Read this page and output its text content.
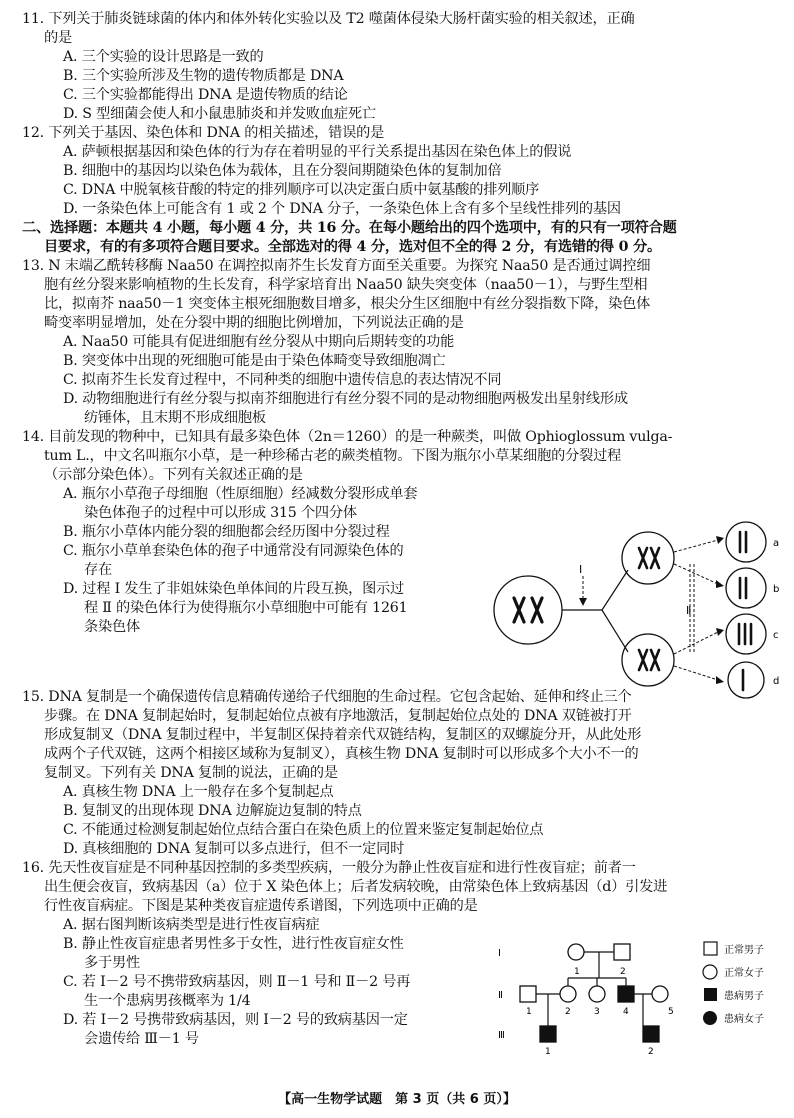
11. 下列关于肺炎链球菌的体内和体外转化实验以及 T2 噬菌体侵染大肠杆菌实验的相关叙述，正确
的是
A. 三个实验的设计思路是一致的
B. 三个实验所涉及生物的遗传物质都是 DNA
C. 三个实验都能得出 DNA 是遗传物质的结论
D. S 型细菌会使人和小鼠患肺炎和并发败血症死亡
12. 下列关于基因、染色体和 DNA 的相关描述，错误的是
A. 萨顿根据基因和染色体的行为存在着明显的平行关系提出基因在染色体上的假说
B. 细胞中的基因均以染色体为载体，且在分裂间期随染色体的复制加倍
C. DNA 中脱氧核苷酸的特定的排列顺序可以决定蛋白质中氨基酸的排列顺序
D. 一条染色体上可能含有 1 或 2 个 DNA 分子，一条染色体上含有多个呈线性排列的基因
二、选择题：本题共 4 小题，每小题 4 分，共 16 分。在每小题给出的四个选项中，有的只有一项符合题
目要求，有的有多项符合题目要求。全部选对的得 4 分，选对但不全的得 2 分，有选错的得 0 分。
13. N 末端乙酰转移酶 Naa50 在调控拟南芥生长发育方面至关重要。为探究 Naa50 是否通过调控细
胞有丝分裂来影响植物的生长发育，科学家培育出 Naa50 缺失突变体（naa50－1），与野生型相
比，拟南芥 naa50－1 突变体主根死细胞数目增多，根尖分生区细胞中有丝分裂指数下降，染色体
畸变率明显增加，处在分裂中期的细胞比例增加，下列说法正确的是
A. Naa50 可能具有促进细胞有丝分裂从中期向后期转变的功能
B. 突变体中出现的死细胞可能是由于染色体畸变导致细胞凋亡
C. 拟南芥生长发育过程中，不同种类的细胞中遗传信息的表达情况不同
D. 动物细胞进行有丝分裂与拟南芥细胞进行有丝分裂不同的是动物细胞两极发出星射线形成
纺锤体，且末期不形成细胞板
14. 目前发现的物种中，已知具有最多染色体（2n＝1260）的是一种蕨类，叫做 Ophioglossum vulga-
tum L.，中文名叫瓶尔小草，是一种珍稀古老的蕨类植物。下图为瓶尔小草某细胞的分裂过程
（示部分染色体）。下列有关叙述正确的是
A. 瓶尔小草孢子母细胞（性原细胞）经减数分裂形成单套
染色体孢子的过程中可以形成 315 个四分体
B. 瓶尔小草体内能分裂的细胞都会经历图中分裂过程
C. 瓶尔小草单套染色体的孢子中通常没有同源染色体的
存在
D. 过程 Ⅰ 发生了非姐妹染色单体间的片段互换，图示过
程 Ⅱ 的染色体行为使得瓶尔小草细胞中可能有 1261
条染色体
Ⅰ
Ⅱ
a
b
c
d
15. DNA 复制是一个确保遗传信息精确传递给子代细胞的生命过程。它包含起始、延伸和终止三个
步骤。在 DNA 复制起始时，复制起始位点被有序地激活，复制起始位点处的 DNA 双链被打开
形成复制叉（DNA 复制过程中，半复制区保持着亲代双链结构，复制区的双螺旋分开，从此处形
成两个子代双链，这两个相接区域称为复制叉），真核生物 DNA 复制时可以形成多个大小不一的
复制叉。下列有关 DNA 复制的说法，正确的是
A. 真核生物 DNA 上一般存在多个复制起点
B. 复制叉的出现体现 DNA 边解旋边复制的特点
C. 不能通过检测复制起始位点结合蛋白在染色质上的位置来鉴定复制起始位点
D. 真核细胞的 DNA 复制可以多点进行，但不一定同时
16. 先天性夜盲症是不同种基因控制的多类型疾病，一般分为静止性夜盲症和进行性夜盲症；前者一
出生便会夜盲，致病基因（a）位于 X 染色体上；后者发病较晚，由常染色体上致病基因（d）引发进
行性夜盲病症。下图是某种类夜盲症遗传系谱图，下列选项中正确的是
A. 据右图判断该病类型是进行性夜盲病症
B. 静止性夜盲症患者男性多于女性，进行性夜盲症女性
多于男性
C. 若 Ⅰ－2 号不携带致病基因，则 Ⅱ－1 号和 Ⅱ－2 号再
生一个患病男孩概率为 1/4
D. 若 Ⅰ－2 号携带致病基因，则 Ⅰ－2 号的致病基因一定
会遗传给 Ⅲ－1 号
Ⅰ
Ⅱ
Ⅲ
1	2
1	2	3	4	5
1	2
正常男子
正常女子
患病男子
患病女子
【高一生物学试题　第 3 页（共 6 页）】
